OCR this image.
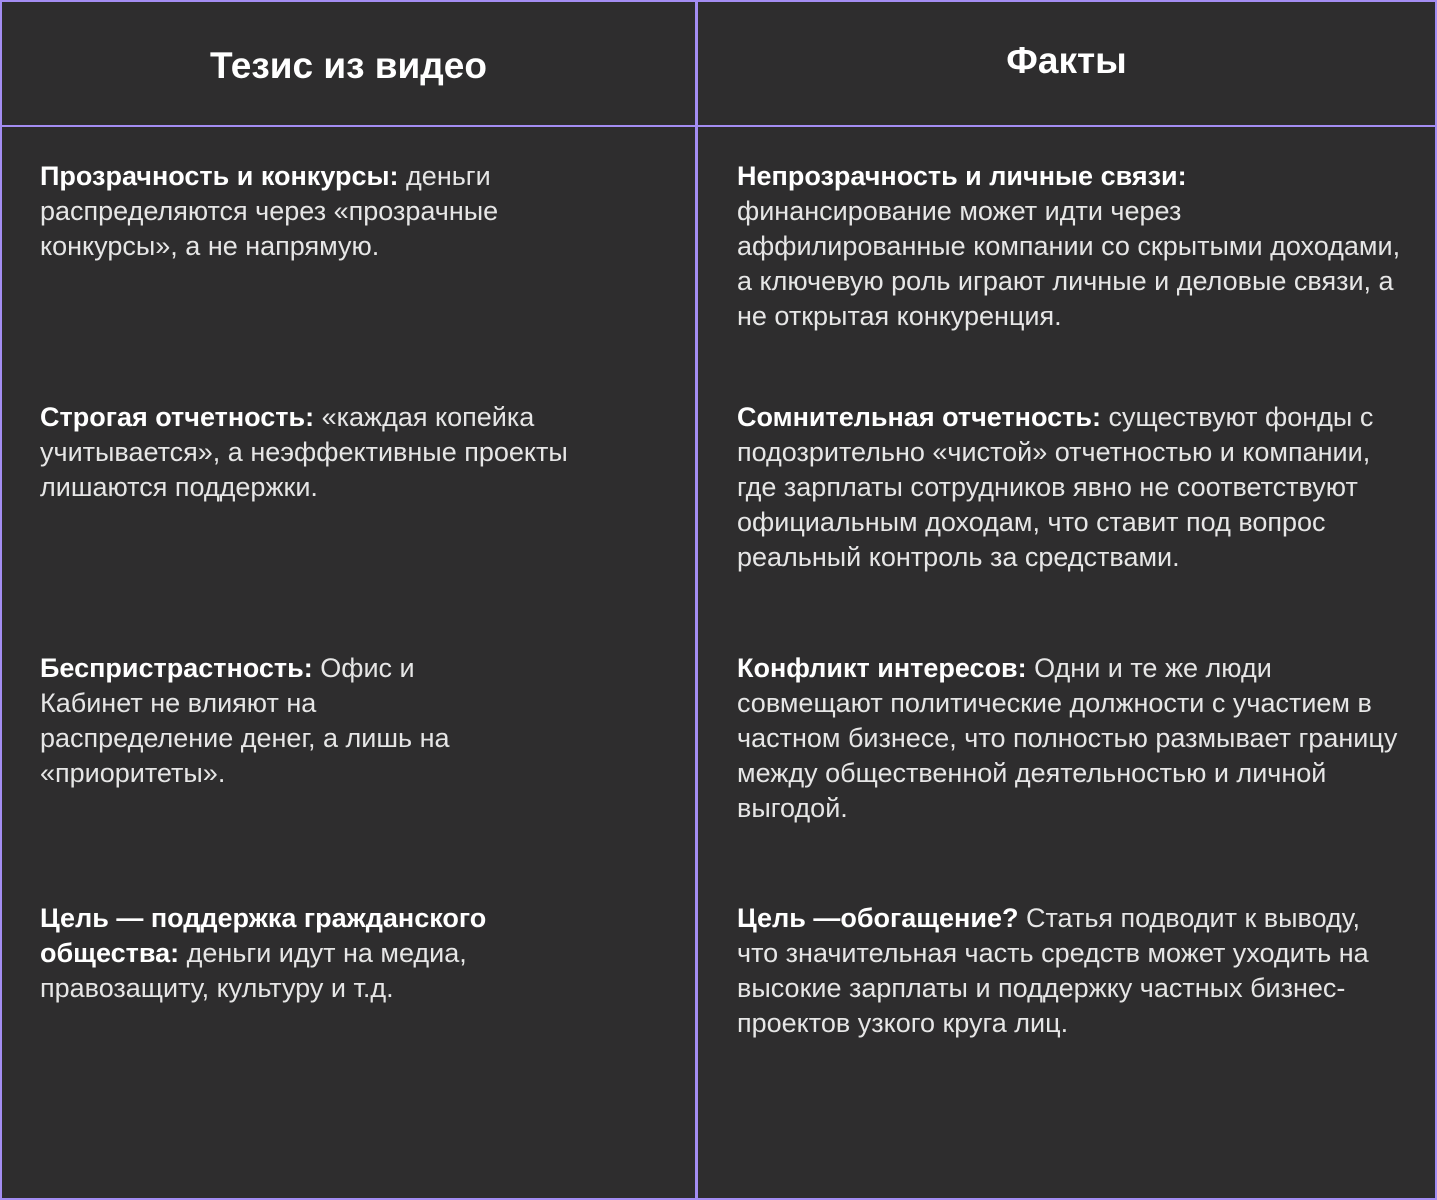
Тезис из видео	Факты
Прозрачность и конкурсы: деньги распределяются через «прозрачные конкурсы», а не напрямую.
Непрозрачность и личные связи: финансирование может идти через аффилированные компании со скрытыми доходами, а ключевую роль играют личные и деловые связи, а не открытая конкуренция.
Строгая отчетность: «каждая копейка учитывается», а неэффективные проекты лишаются поддержки.
Сомнительная отчетность: существуют фонды с подозрительно «чистой» отчетностью и компании, где зарплаты сотрудников явно не соответствуют официальным доходам, что ставит под вопрос реальный контроль за средствами.
Беспристрастность: Офис и Кабинет не влияют на распределение денег, а лишь на «приоритеты».
Конфликт интересов: Одни и те же люди совмещают политические должности с участием в частном бизнесе, что полностью размывает границу между общественной деятельностью и личной выгодой.
Цель — поддержка гражданского общества: деньги идут на медиа, правозащиту, культуру и т.д.
Цель —обогащение? Статья подводит к выводу, что значительная часть средств может уходить на высокие зарплаты и поддержку частных бизнес-проектов узкого круга лиц.
